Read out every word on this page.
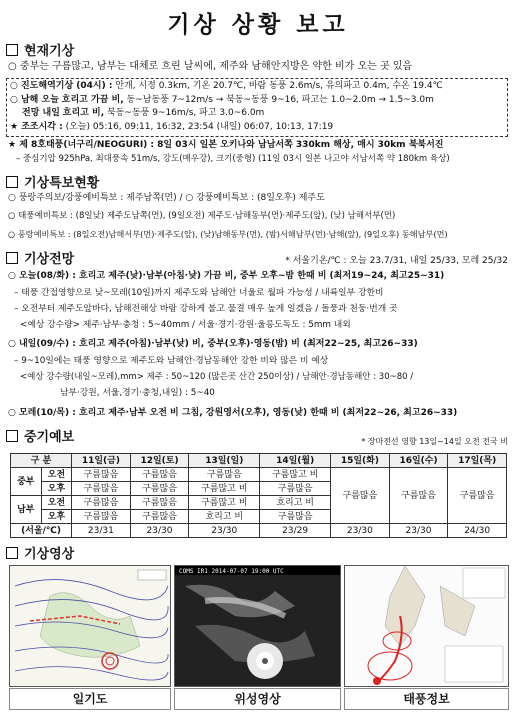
기상 상황 보고
현재기상
○ 중부는 구름많고, 남부는 대체로 흐린 날씨에, 제주와 남해안지방은 약한 비가 오는 곳 있음
○ 진도해역기상 (04시) : 안개, 시정 0.3km, 기온 20.7℃, 바람 동풍 2.6m/s, 유의파고 0.4m, 수온 19.4℃
○ 남해 오늘 흐리고 가끔 비, 동~남동풍 7~12m/s → 북동~동풍 9~16, 파고는 1.0~2.0m → 1.5~3.0m
전망 내일 흐리고 비, 북동~동풍 9~16m/s, 파고 3.0~6.0m
★ 조조시각 : (오늘) 05:16, 09:11, 16:32, 23:54 (내일) 06:07, 10:13, 17:19
★ 제 8호태풍(너구리/NEOGURI) : 8일 03시 일본 오키나와 남남서쪽 330km 해상, 매시 30km 북북서진
– 중심기압 925hPa, 최대풍속 51m/s, 강도(매우강), 크기(중형) (11일 03시 일본 나고야 서남서쪽 약 180km 육상)
기상특보현황
○ 풍랑주의보/강풍예비특보 : 제주남쪽(먼) / ○ 강풍예비특보 : (8일오후) 제주도
○ 태풍예비특보 : (8일낮) 제주도남쪽(먼), (9일오전) 제주도·남해동부(먼)·제주도(앞), (낮) 남해서부(먼)
○ 풍랑예비특보 : (8일오전)남해서부(먼)·제주도(앞), (낮)남해동부(먼), (밤)서해남부(먼)·남해(앞), (9일오후) 동해남부(먼)
기상전망	* 서울기온/℃ : 오늘 23.7/31, 내일 25/33, 모레 25/32
○ 오늘(08/화) : 흐리고 제주(낮)·남부(아침·낮) 가끔 비, 중부 오후~밤 한때 비 (최저19~24, 최고25~31)
– 태풍 간접영향으로 낮~모레(10일)까지 제주도와 남해안 너울로 월파 가능성 / 내륙일부 강한비
– 오전부터 제주도앞바다, 남해전해상 바람 강하게 불고 물결 매우 높게 일겠음 / 돌풍과 천둥·번개 곳
<예상 강수량> 제주·남부·충청 : 5~40mm / 서울·경기·강원·울릉도독도 : 5mm 내외
○ 내일(09/수) : 흐리고 제주(아침)·남부(낮) 비, 중부(오후)·영동(밤) 비 (최저22~25, 최고26~33)
– 9~10일에는 태풍 영향으로 제주도와 남해안·경남동해안 강한 비와 많은 비 예상
<예상 강수량(내일~모레),mm> 제주 : 50~120 (많은곳 산간 250이상) / 남해안·경남동해안 : 30~80 /
남부·강원, 서울,경기·충청,내일) : 5~40
○ 모레(10/목) : 흐리고 제주·남부 오전 비 그침, 강원영서(오후), 영동(낮) 한때 비 (최저22~26, 최고26~33)
중기예보	* 장마전선 영향 13일~14일 오전 전국 비
구 분		11일(금)	12일(토)	13일(일)	14일(월)	15일(화)	16일(수)	17일(목)
중부	오전	구름많음	구름많음	구름많음	구름많고 비	구름많음	구름많음	구름많음
	오후	구름많음	구름많음	구름많고 비	구름많음			
남부	오전	구름많음	구름많음	구름많고 비	흐리고 비			
	오후	구름많음	구름많음	흐리고 비	구름많음			
(서울/℃)		23/31	23/30	23/30	23/29	23/30	23/30	24/30
기상영상
COMS IR1 2014-07-07 19:00 UTC
일기도	위성영상	태풍정보
